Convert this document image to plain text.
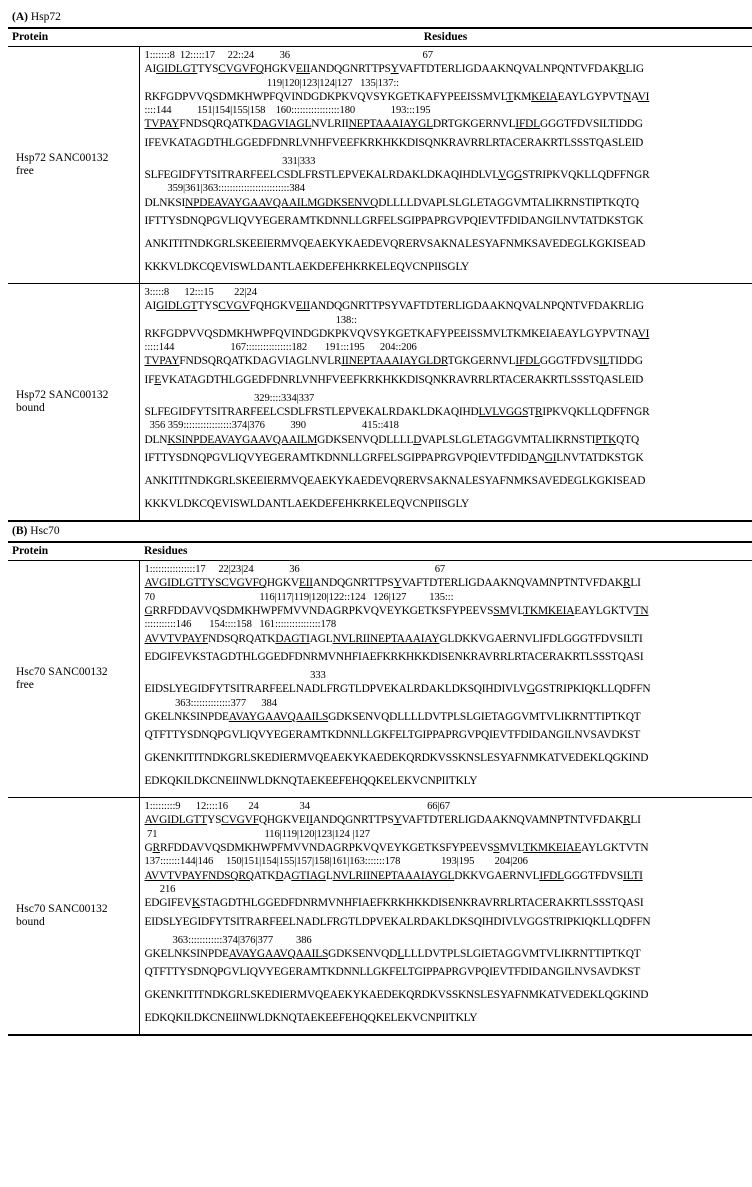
(A) Hsp72
Protein	Residues

Hsp72 SANC00132
free

1:::::::8  12:::::17     22::24          36                                                    67
AIGIDLGTTYSCVGVFQHGKVEIIANDQGNRTTPSYVAFTDTERLIGDAAKNQVALNPQNTVFDAKRLIG
119|120|123|124|127   135|137::
RKFGDPVVQSDMKHWPFQVINDGDKPKVQVSYKGETKAFYPEEISSMVLTKMKEIAEAYLGYPVTNAVI
::::144          151|154|155|158    160:::::::::::::::::180              193:::195
TVPAYFNDSQRQATKDAGVIAGLNVLRIINEPTAAAIAYGLDRTGKGERNVLIFDLGGGTFDVSILTIDDG
IFEVKATAGDTHLGGEDFDNRLVNHFVEEFKRKHKKDISQNKRAVRRLRTACERAKRTLSSSTQASLEID
331|333
SLFEGIDFYTSITRARFEELCSDLFRSTLEPVEKALRDAKLDKAQIHDLVLVGGSTRIPKVQKLLQDFFNGR
359|361|363:::::::::::::::::::::::::384
DLNKSINPDEAVAYGAAVQAAILMGDKSENVQDLLLLDVAPLSLGLETAGGVMTALIKRNSTIPTKQTQ
IFTTYSDNQPGVLIQVYEGERAMTKDNNLLGRFELSGIPPAPRGVPQIEVTFDIDANGILNVTATDKSTGK
ANKITITNDKGRLSKEEIERMVQEAEKYKAEDEVQRERVSAKNALESYAFNMKSAVEDEGLKGKISEAD
KKKVLDKCQEVISWLDANTLAEKDEFEHKRKELEQVCNPIISGLY

Hsp72 SANC00132
bound

3:::::8      12:::15        22|24
AIGIDLGTTYSCVGVFQHGKVEIIANDQGNRTTPSYVAFTDTERLIGDAAKNQVALNPQNTVFDAKRLIG
138::
RKFGDPVVQSDMKHWPFQVINDGDKPKVQVSYKGETKAFYPEEISSMVLTKMKEIAEAYLGYPVTNAVI
:::::144                      167::::::::::::::::182       191:::195      204::206
TVPAYFNDSQRQATKDAGVIAGLNVLRIINEPTAAAIAYGLDRTGKGERNVLIFDLGGGTFDVSILTIDDG
IFEVKATAGDTHLGGEDFDNRLVNHFVEEFKRKHKKDISQNKRAVRRLRTACERAKRTLSSSTQASLEID
329::::334|337
SLFEGIDFYTSITRARFEELCSDLFRSTLEPVEKALRDAKLDKAQIHDLVLVGGSTRIPKVQKLLQDFFNGR
356 359:::::::::::::::::374|376          390                      415::418
DLNKSINPDEAVAYGAAVQAAILMGDKSENVQDLLLLDVAPLSLGLETAGGVMTALIKRNSTIPTKQTQ
IFTTYSDNQPGVLIQVYEGERAMTKDNNLLGRFELSGIPPAPRGVPQIEVTFDIDANGILNVTATDKSTGK
ANKITITNDKGRLSKEEIERMVQEAEKYKAEDEVQRERVSAKNALESYAFNMKSAVEDEGLKGKISEAD
KKKVLDKCQEVISWLDANTLAEKDEFEHKRKELEQVCNPIISGLY
(B) Hsc70
Protein	Residues

Hsc70 SANC00132
free

1::::::::::::::::17     22|23|24              36                                                     67
AVGIDLGTTYSCVGVFQHGKVEIIANDQGNRTTPSYVAFTDTERLIGDAAKNQVAMNPTNTVFDAKRLI
70                                         116|117|119|120|122::124   126|127         135:::
GRRFDDAVVQSDMKHWPFMVVNDAGRPKVQVEYKGETKSFYPEEVSSMVLTKMKEIAEAYLGKTVTN
:::::::::::146       154::::158   161::::::::::::::::178
AVVTVPAYFNDSQRQATKDAGTIAGLNVLRIINEPTAAAIAYGLDKKVGAERNVLIFDLGGGTFDVSILTI
EDGIFEVKSTAGDTHLGGEDFDNRMVNHFIAEFKRKHKKDISENKRAVRRLRTACERAKRTLSSSTQASI
333
EIDSLYEGIDFYTSITRARFEELNADLFRGTLDPVEKALRDAKLDKSQIHDIVLVGGSTRIPKIQKLLQDFFN
363::::::::::::::377      384
GKELNKSINPDEAVAYGAAVQAAILSGDKSENVQDLLLLDVTPLSLGIETAGGVMTVLIKRNTTIPTKQT
QTFTTYSDNQPGVLIQVYEGERAMTKDNNLLGKFELTGIPPAPRGVPQIEVTFDIDANGILNVSAVDKST
GKENKITITNDKGRLSKEDIERMVQEAEKYKAEDEKQRDKVSSKNSLESYAFNMKATVEDEKLQGKIND
EDKQKILDKCNEIINWLDKNQTAEKEEFEHQQKELEKVCNPIITKLY

Hsc70 SANC00132
bound

1:::::::::9      12::::16        24                34                                              66|67
AVGIDLGTTYSCVGVFQHGKVEIIANDQGNRTTPSYVAFTDTERLIGDAAKNQVAMNPTNTVFDAKRLI
71                                          116|119|120|123|124 |127
GRRFDDAVVQSDMKHWPFMVVNDAGRPKVQVEYKGETKSFYPEEVSSMVLTKMKEIAEAYLGKTVTN
137:::::::144|146     150|151|154|155|157|158|161|163:::::::178                193|195        204|206
AVVTVPAYFNDSQRQATKDAGTIAGLNVLRIINEPTAAAIAYGLDKKVGAERNVLIFDLGGGTFDVSILTI
216
EDGIFEVKSTAGDTHLGGEDFDNRMVNHFIAEFKRKHKKDISENKRAVRRLRTACERAKRTLSSSTQASI
EIDSLYEGIDFYTSITRARFEELNADLFRGTLDPVEKALRDAKLDKSQIHDIVLVGGSTRIPKIQKLLQDFFN
363::::::::::::374|376|377         386
GKELNKSINPDEAVAYGAAVQAAILSGDKSENVQDLLLLDVTPLSLGIETAGGVMTVLIKRNTTIPTKQT
QTFTTYSDNQPGVLIQVYEGERAMTKDNNLLGKFELTGIPPAPRGVPQIEVTFDIDANGILNVSAVDKST
GKENKITITNDKGRLSKEDIERMVQEAEKYKAEDEKQRDKVSSKNSLESYAFNMKATVEDEKLQGKIND
EDKQKILDKCNEIINWLDKNQTAEKEEFEHQQKELEKVCNPIITKLY
